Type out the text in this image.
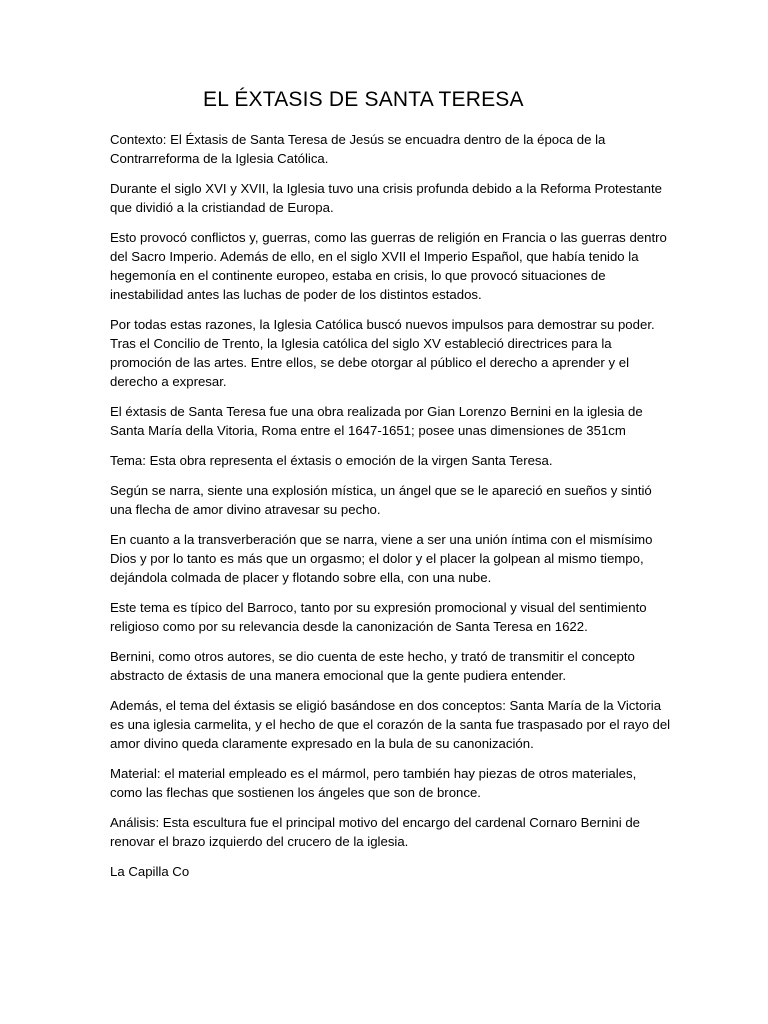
EL ÉXTASIS DE SANTA TERESA

Contexto: El Éxtasis de Santa Teresa de Jesús se encuadra dentro de la época de la
Contrarreforma de la Iglesia Católica.

Durante el siglo XVI y XVII, la Iglesia tuvo una crisis profunda debido a la Reforma Protestante
que dividió a la cristiandad de Europa.

Esto provocó conflictos y, guerras, como las guerras de religión en Francia o las guerras dentro
del Sacro Imperio. Además de ello, en el siglo XVII el Imperio Español, que había tenido la
hegemonía en el continente europeo, estaba en crisis, lo que provocó situaciones de
inestabilidad antes las luchas de poder de los distintos estados.

Por todas estas razones, la Iglesia Católica buscó nuevos impulsos para demostrar su poder.
Tras el Concilio de Trento, la Iglesia católica del siglo XV estableció directrices para la
promoción de las artes. Entre ellos, se debe otorgar al público el derecho a aprender y el
derecho a expresar.

El éxtasis de Santa Teresa fue una obra realizada por Gian Lorenzo Bernini en la iglesia de
Santa María della Vitoria, Roma entre el 1647-1651; posee unas dimensiones de 351cm

Tema: Esta obra representa el éxtasis o emoción de la virgen Santa Teresa.

Según se narra, siente una explosión mística, un ángel que se le apareció en sueños y sintió
una flecha de amor divino atravesar su pecho.

En cuanto a la transverberación que se narra, viene a ser una unión íntima con el mismísimo
Dios y por lo tanto es más que un orgasmo; el dolor y el placer la golpean al mismo tiempo,
dejándola colmada de placer y flotando sobre ella, con una nube.

Este tema es típico del Barroco, tanto por su expresión promocional y visual del sentimiento
religioso como por su relevancia desde la canonización de Santa Teresa en 1622.

Bernini, como otros autores, se dio cuenta de este hecho, y trató de transmitir el concepto
abstracto de éxtasis de una manera emocional que la gente pudiera entender.

Además, el tema del éxtasis se eligió basándose en dos conceptos: Santa María de la Victoria
es una iglesia carmelita, y el hecho de que el corazón de la santa fue traspasado por el rayo del
amor divino queda claramente expresado en la bula de su canonización.

Material: el material empleado es el mármol, pero también hay piezas de otros materiales,
como las flechas que sostienen los ángeles que son de bronce.

Análisis: Esta escultura fue el principal motivo del encargo del cardenal Cornaro Bernini de
renovar el brazo izquierdo del crucero de la iglesia.

La Capilla Co
